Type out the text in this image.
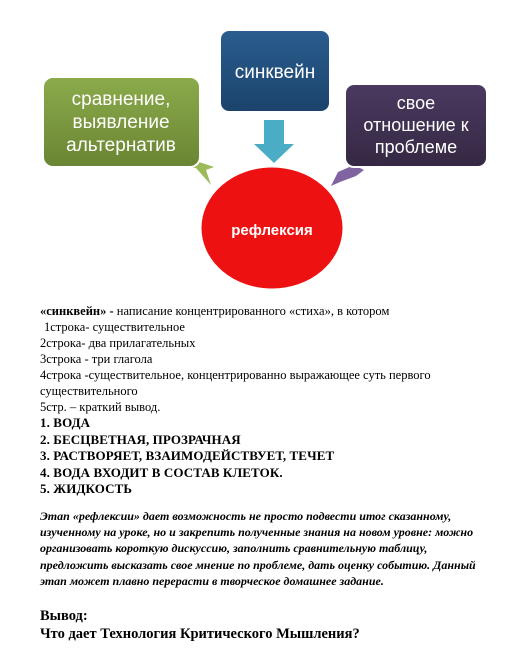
синквейн
сравнение,
выявление
альтернатив
свое
отношение к
проблеме
рефлексия
«синквейн» - написание концентрированного «стиха», в котором
1строка- существительное
2строка- два прилагательных
3строка - три глагола
4строка -существительное, концентрированно выражающее суть первого существительного
5стр. – краткий вывод.
1. ВОДА
2. БЕСЦВЕТНАЯ, ПРОЗРАЧНАЯ
3. РАСТВОРЯЕТ, ВЗАИМОДЕЙСТВУЕТ, ТЕЧЕТ
4. ВОДА ВХОДИТ В СОСТАВ КЛЕТОК.
5. ЖИДКОСТЬ
Этап «рефлексии» дает возможность не просто подвести итог сказанному, изученному на уроке, но и закрепить полученные знания на новом уровне: можно организовать короткую дискуссию, заполнить сравнительную таблицу, предложить высказать свое мнение по проблеме, дать оценку событию. Данный этап может плавно перерасти в творческое домашнее задание.
Вывод:
Что дает Технология Критического Мышления?
